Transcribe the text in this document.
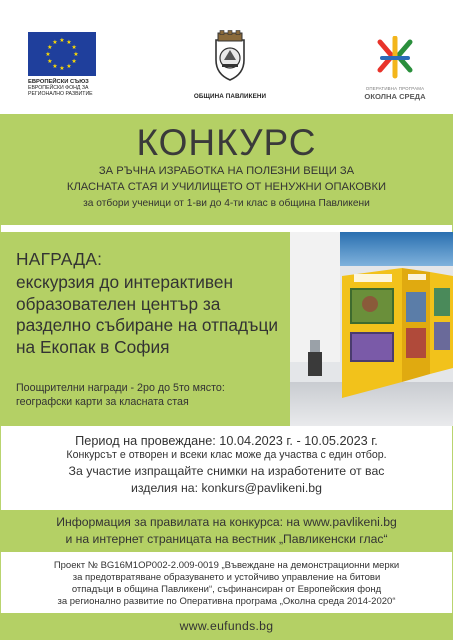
★ ★
★
★
★
★
★
★
★
★
★
★
ЕВРОПЕЙСКИ СЪЮЗ
ЕВРОПЕЙСКИ ФОНД ЗА
РЕГИОНАЛНО РАЗВИТИЕ	ОБЩИНА ПАВЛИКЕНИ
ОПЕРАТИВНА ПРОГРАМА
ОКОЛНА СРЕДА
КОНКУРС
ЗА РЪЧНА ИЗРАБОТКА НА ПОЛЕЗНИ ВЕЩИ ЗА
КЛАСНАТА СТАЯ И УЧИЛИЩЕТО ОТ НЕНУЖНИ ОПАКОВКИ
за отбори ученици от 1-ви до 4-ти клас в община Павликени
НАГРАДА:
екскурзия до интерактивен образователен център за разделно събиране на отпадъци на Екопак в София
Поощрителни награди - 2ро до 5то място:
географски карти за класната стая
Период на провеждане: 10.04.2023 г. - 10.05.2023 г.
Конкурсът е отворен и всеки клас може да участва с един отбор.
За участие изпращайте снимки на изработените от вас
изделия на: konkurs@pavlikeni.bg
Информация за правилата на конкурса: на www.pavlikeni.bg
и на интернет страницата на вестник „Павликенски глас“
Проект № BG16M1OP002-2.009-0019 „Въвеждане на демонстрационни мерки
за предотвратяване образуването и устойчиво управление на битови
отпадъци в община Павликени“, съфинансиран от Европейския фонд
за регионално развитие по Оперативна програма „Околна среда 2014-2020“
www.eufunds.bg
